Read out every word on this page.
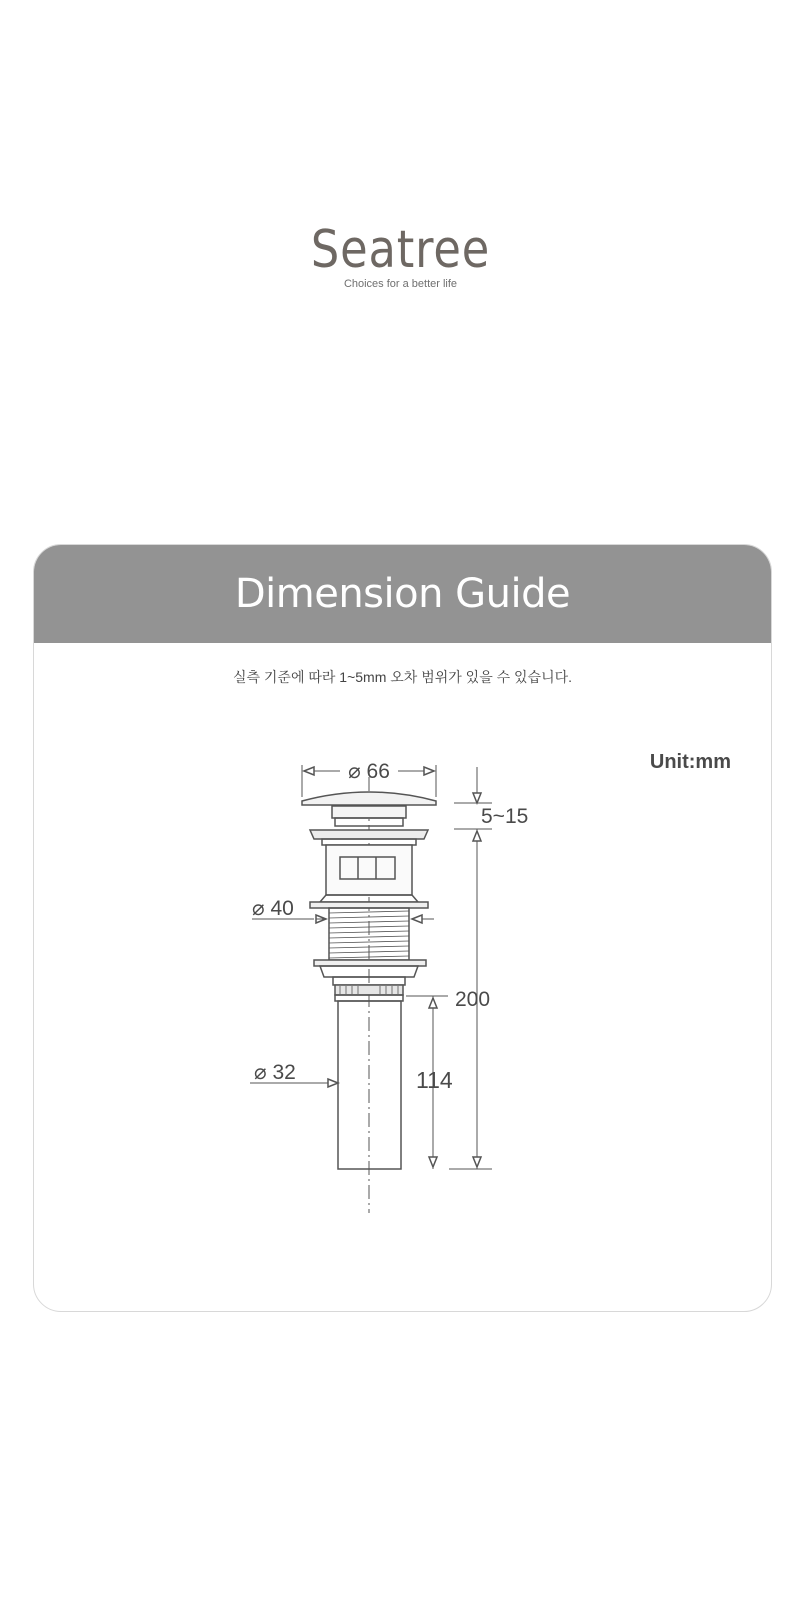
Seatree
Choices for a better life
Dimension Guide
실측 기준에 따라 1~5mm 오차 범위가 있을 수 있습니다.
Unit:mm
⌀ 66
5~15
200
⌀ 40
114
⌀ 32
